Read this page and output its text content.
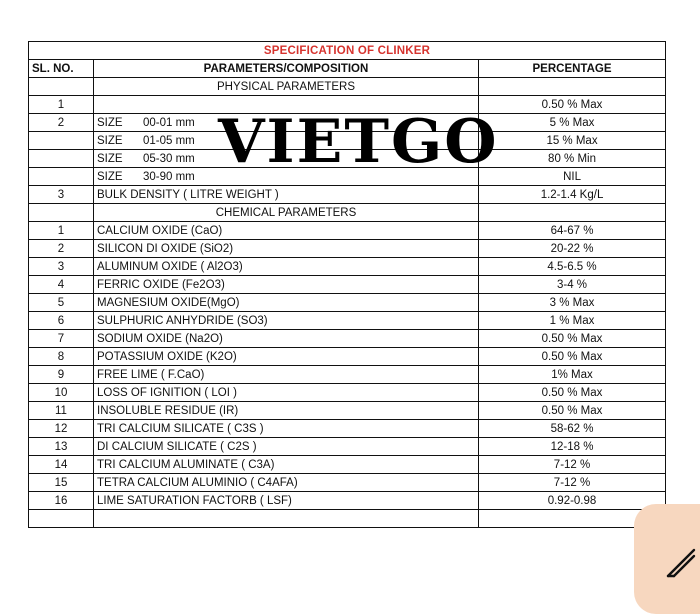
SPECIFICATION OF CLINKER		
SL. NO.	PARAMETERS/COMPOSITION	PERCENTAGE
	PHYSICAL PARAMETERS	
1		0.50 % Max
2	SIZE 00-01 mm	5 % Max
	SIZE 01-05 mm	15 % Max
	SIZE 05-30 mm	80 % Min
	SIZE 30-90 mm	NIL
3	BULK DENSITY ( LITRE WEIGHT )	1.2-1.4 Kg/L
	CHEMICAL PARAMETERS	
1	CALCIUM OXIDE (CaO)	64-67 %
2	SILICON DI OXIDE (SiO2)	20-22 %
3	ALUMINUM OXIDE ( Al2O3)	4.5-6.5 %
4	FERRIC OXIDE (Fe2O3)	3-4 %
5	MAGNESIUM OXIDE(MgO)	3 % Max
6	SULPHURIC ANHYDRIDE (SO3)	1 % Max
7	SODIUM OXIDE (Na2O)	0.50 % Max
8	POTASSIUM OXIDE (K2O)	0.50 % Max
9	FREE LIME ( F.CaO)	1% Max
10	LOSS OF IGNITION ( LOI )	0.50 % Max
11	INSOLUBLE RESIDUE (IR)	0.50 % Max
12	TRI CALCIUM SILICATE ( C3S )	58-62 %
13	DI CALCIUM SILICATE ( C2S )	12-18 %
14	TRI CALCIUM ALUMINATE ( C3A)	7-12 %
15	TETRA CALCIUM ALUMINIO ( C4AFA)	7-12 %
16	LIME SATURATION FACTORB ( LSF)	0.92-0.98

VIETGO
